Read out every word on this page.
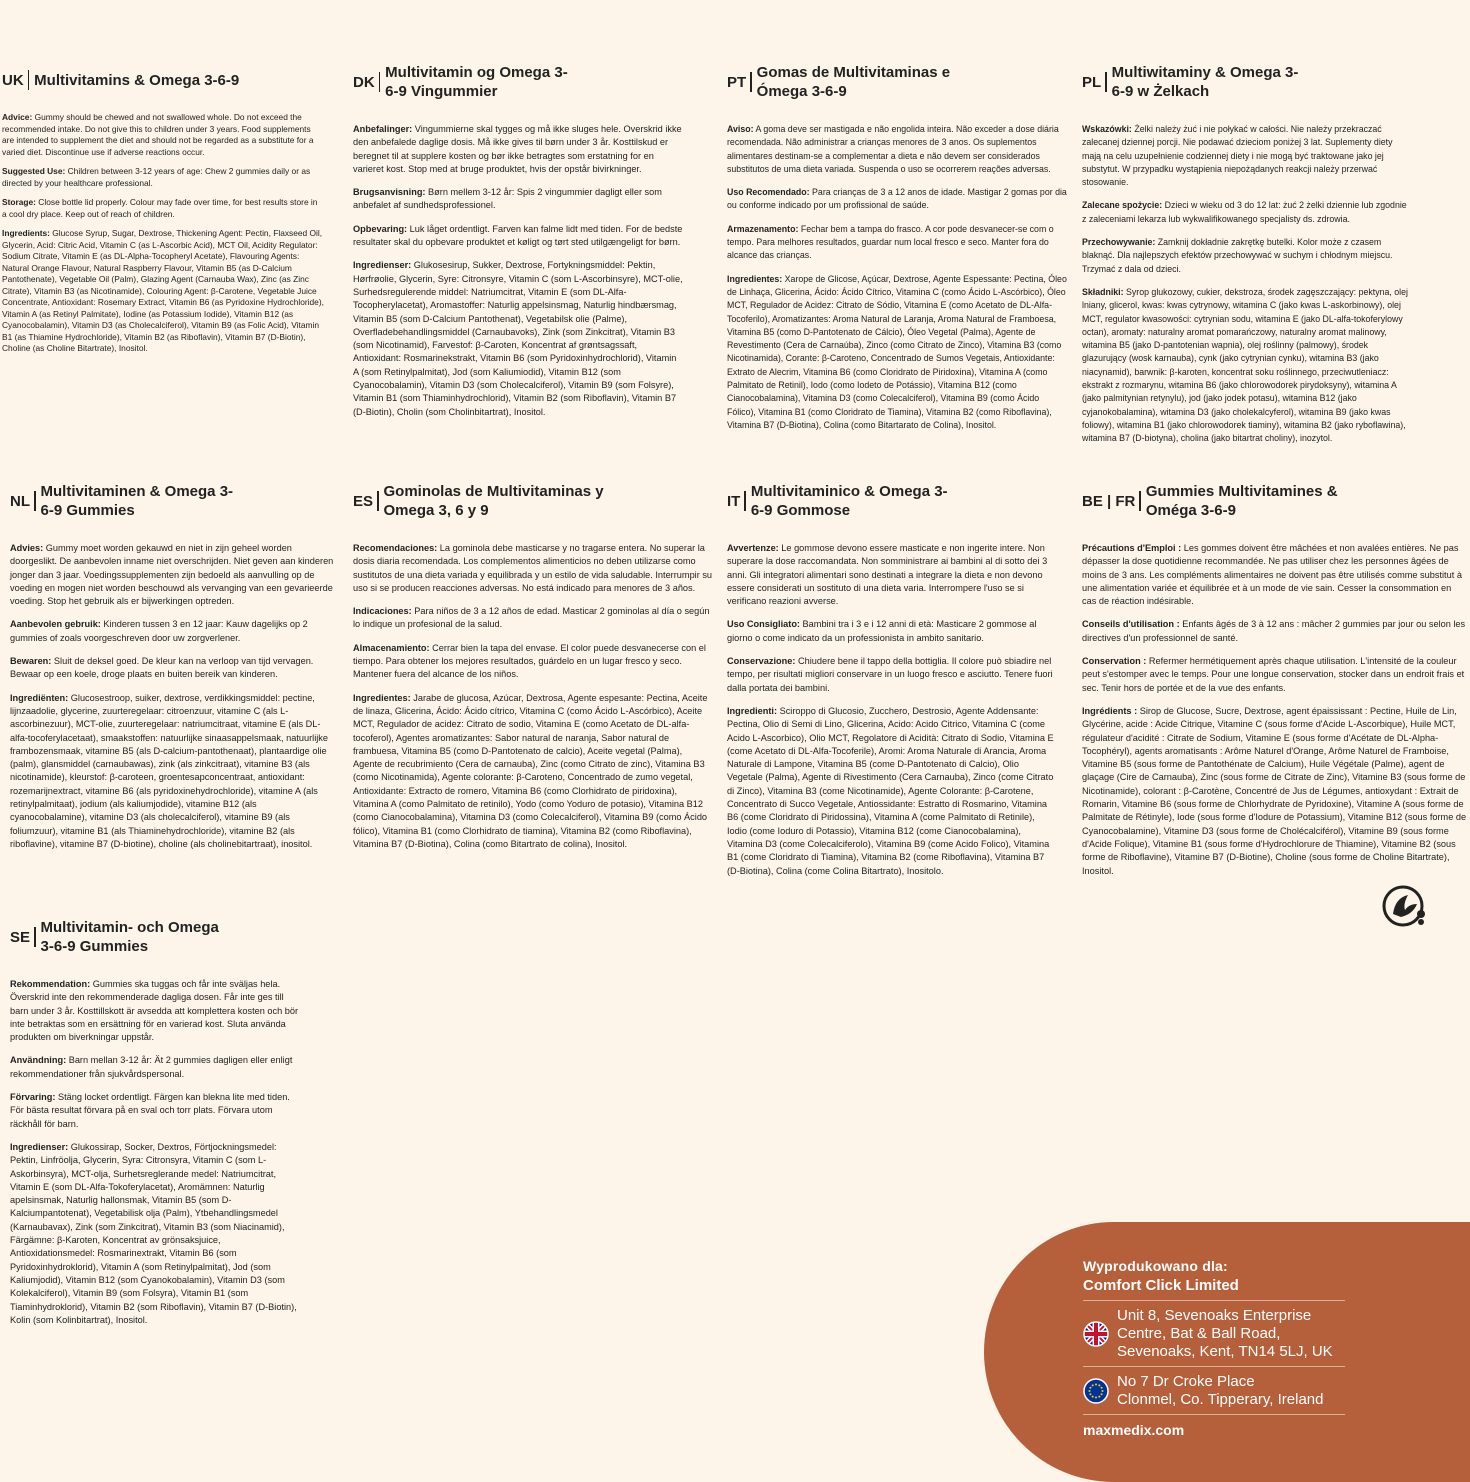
UK Multivitamins & Omega 3-6-9

Advice: Gummy should be chewed and not swallowed whole. Do not exceed the recommended intake. Do not give this to children under 3 years. Food supplements are intended to supplement the diet and should not be regarded as a substitute for a varied diet. Discontinue use if adverse reactions occur.

Suggested Use: Children between 3-12 years of age: Chew 2 gummies daily or as directed by your healthcare professional.

Storage: Close bottle lid properly. Colour may fade over time, for best results store in a cool dry place. Keep out of reach of children.

Ingredients: Glucose Syrup, Sugar, Dextrose, Thickening Agent: Pectin, Flaxseed Oil, Glycerin, Acid: Citric Acid, Vitamin C (as L-Ascorbic Acid), MCT Oil, Acidity Regulator: Sodium Citrate, Vitamin E (as DL-Alpha-Tocopheryl Acetate), Flavouring Agents: Natural Orange Flavour, Natural Raspberry Flavour, Vitamin B5 (as D-Calcium Pantothenate), Vegetable Oil (Palm), Glazing Agent (Carnauba Wax), Zinc (as Zinc Citrate), Vitamin B3 (as Nicotinamide), Colouring Agent: β-Carotene, Vegetable Juice Concentrate, Antioxidant: Rosemary Extract, Vitamin B6 (as Pyridoxine Hydrochloride), Vitamin A (as Retinyl Palmitate), Iodine (as Potassium Iodide), Vitamin B12 (as Cyanocobalamin), Vitamin D3 (as Cholecalciferol), Vitamin B9 (as Folic Acid), Vitamin B1 (as Thiamine Hydrochloride), Vitamin B2 (as Riboflavin), Vitamin B7 (D-Biotin), Choline (as Choline Bitartrate), Inositol.

NL
Multivitaminen & Omega 3-6-9 Gummies

Advies: Gummy moet worden gekauwd en niet in zijn geheel worden doorgeslikt. De aanbevolen inname niet overschrijden. Niet geven aan kinderen jonger dan 3 jaar. Voedingssupplementen zijn bedoeld als aanvulling op de voeding en mogen niet worden beschouwd als vervanging van een gevarieerde voeding. Stop het gebruik als er bijwerkingen optreden.

Aanbevolen gebruik: Kinderen tussen 3 en 12 jaar: Kauw dagelijks op 2 gummies of zoals voorgeschreven door uw zorgverlener.

Bewaren: Sluit de deksel goed. De kleur kan na verloop van tijd vervagen. Bewaar op een koele, droge plaats en buiten bereik van kinderen.

Ingrediënten: Glucosestroop, suiker, dextrose, verdikkingsmiddel: pectine, lijnzaadolie, glycerine, zuurteregelaar: citroenzuur, vitamine C (als L-ascorbinezuur), MCT-olie, zuurteregelaar: natriumcitraat, vitamine E (als DL-alfa-tocoferylacetaat), smaakstoffen: natuurlijke sinaasappelsmaak, natuurlijke frambozensmaak, vitamine B5 (als D-calcium-pantothenaat), plantaardige olie (palm), glansmiddel (carnaubawas), zink (als zinkcitraat), vitamine B3 (als nicotinamide), kleurstof: β-caroteen, groentesapconcentraat, antioxidant: rozemarijnextract, vitamine B6 (als pyridoxinehydrochloride), vitamine A (als retinylpalmitaat), jodium (als kaliumjodide), vitamine B12 (als cyanocobalamine), vitamine D3 (als cholecalciferol), vitamine B9 (als foliumzuur), vitamine B1 (als Thiaminehydrochloride), vitamine B2 (als riboflavine), vitamine B7 (D-biotine), choline (als cholinebitartraat), inositol.

SE
Multivitamin- och Omega 3-6-9 Gummies

Rekommendation: Gummies ska tuggas och får inte sväljas hela. Överskrid inte den rekommenderade dagliga dosen. Får inte ges till barn under 3 år. Kosttillskott är avsedda att komplettera kosten och bör inte betraktas som en ersättning för en varierad kost. Sluta använda produkten om biverkningar uppstår.

Användning: Barn mellan 3-12 år: Ät 2 gummies dagligen eller enligt rekommendationer från sjukvårdspersonal.

Förvaring: Stäng locket ordentligt. Färgen kan blekna lite med tiden. För bästa resultat förvara på en sval och torr plats. Förvara utom räckhåll för barn.

Ingredienser: Glukossirap, Socker, Dextros, Förtjockningsmedel: Pektin, Linfröolja, Glycerin, Syra: Citronsyra, Vitamin C (som L-Askorbinsyra), MCT-olja, Surhetsreglerande medel: Natriumcitrat, Vitamin E (som DL-Alfa-Tokoferylacetat), Aromämnen: Naturlig apelsinsmak, Naturlig hallonsmak, Vitamin B5 (som D-Kalciumpantotenat), Vegetabilisk olja (Palm), Ytbehandlingsmedel (Karnaubavax), Zink (som Zinkcitrat), Vitamin B3 (som Niacinamid), Färgämne: β-Karoten, Koncentrat av grönsaksjuice, Antioxidationsmedel: Rosmarinextrakt, Vitamin B6 (som Pyridoxinhydroklorid), Vitamin A (som Retinylpalmitat), Jod (som Kaliumjodid), Vitamin B12 (som Cyanokobalamin), Vitamin D3 (som Kolekalciferol), Vitamin B9 (som Folsyra), Vitamin B1 (som Tiaminhydroklorid), Vitamin B2 (som Riboflavin), Vitamin B7 (D-Biotin), Kolin (som Kolinbitartrat), Inositol.

DK
Multivitamin og Omega 3-6-9 Vingummier

Anbefalinger: Vingummierne skal tygges og må ikke sluges hele. Overskrid ikke den anbefalede daglige dosis. Må ikke gives til børn under 3 år. Kosttilskud er beregnet til at supplere kosten og bør ikke betragtes som erstatning for en varieret kost. Stop med at bruge produktet, hvis der opstår bivirkninger.

Brugsanvisning: Børn mellem 3-12 år: Spis 2 vingummier dagligt eller som anbefalet af sundhedsprofessionel.

Opbevaring: Luk låget ordentligt. Farven kan falme lidt med tiden. For de bedste resultater skal du opbevare produktet et køligt og tørt sted utilgængeligt for børn.

Ingredienser: Glukosesirup, Sukker, Dextrose, Fortykningsmiddel: Pektin, Hørfrøolie, Glycerin, Syre: Citronsyre, Vitamin C (som L-Ascorbinsyre), MCT-olie, Surhedsregulerende middel: Natriumcitrat, Vitamin E (som DL-Alfa-Tocopherylacetat), Aromastoffer: Naturlig appelsinsmag, Naturlig hindbærsmag, Vitamin B5 (som D-Calcium Pantothenat), Vegetabilsk olie (Palme), Overfladebehandlingsmiddel (Carnaubavoks), Zink (som Zinkcitrat), Vitamin B3 (som Nicotinamid), Farvestof: β-Caroten, Koncentrat af grøntsagssaft, Antioxidant: Rosmarinekstrakt, Vitamin B6 (som Pyridoxinhydrochlorid), Vitamin A (som Retinylpalmitat), Jod (som Kaliumiodid), Vitamin B12 (som Cyanocobalamin), Vitamin D3 (som Cholecalciferol), Vitamin B9 (som Folsyre), Vitamin B1 (som Thiaminhydrochlorid), Vitamin B2 (som Riboflavin), Vitamin B7 (D-Biotin), Cholin (som Cholinbitartrat), Inositol.

ES
Gominolas de Multivitaminas y Omega 3, 6 y 9

Recomendaciones: La gominola debe masticarse y no tragarse entera. No superar la dosis diaria recomendada. Los complementos alimenticios no deben utilizarse como sustitutos de una dieta variada y equilibrada y un estilo de vida saludable. Interrumpir su uso si se producen reacciones adversas. No está indicado para menores de 3 años.

Indicaciones: Para niños de 3 a 12 años de edad. Masticar 2 gominolas al día o según lo indique un profesional de la salud.

Almacenamiento: Cerrar bien la tapa del envase. El color puede desvanecerse con el tiempo. Para obtener los mejores resultados, guárdelo en un lugar fresco y seco. Mantener fuera del alcance de los niños.

Ingredientes: Jarabe de glucosa, Azúcar, Dextrosa, Agente espesante: Pectina, Aceite de linaza, Glicerina, Ácido: Ácido cítrico, Vitamina C (como Ácido L-Ascórbico), Aceite MCT, Regulador de acidez: Citrato de sodio, Vitamina E (como Acetato de DL-alfa-tocoferol), Agentes aromatizantes: Sabor natural de naranja, Sabor natural de frambuesa, Vitamina B5 (como D-Pantotenato de calcio), Aceite vegetal (Palma), Agente de recubrimiento (Cera de carnauba), Zinc (como Citrato de zinc), Vitamina B3 (como Nicotinamida), Agente colorante: β-Caroteno, Concentrado de zumo vegetal, Antioxidante: Extracto de romero, Vitamina B6 (como Clorhidrato de piridoxina), Vitamina A (como Palmitato de retinilo), Yodo (como Yoduro de potasio), Vitamina B12 (como Cianocobalamina), Vitamina D3 (como Colecalciferol), Vitamina B9 (como Ácido fólico), Vitamina B1 (como Clorhidrato de tiamina), Vitamina B2 (como Riboflavina), Vitamina B7 (D-Biotina), Colina (como Bitartrato de colina), Inositol.

PT
Gomas de Multivitaminas e Ómega 3-6-9

Aviso: A goma deve ser mastigada e não engolida inteira. Não exceder a dose diária recomendada. Não administrar a crianças menores de 3 anos. Os suplementos alimentares destinam-se a complementar a dieta e não devem ser considerados substitutos de uma dieta variada. Suspenda o uso se ocorrerem reações adversas.

Uso Recomendado: Para crianças de 3 a 12 anos de idade. Mastigar 2 gomas por dia ou conforme indicado por um profissional de saúde.

Armazenamento: Fechar bem a tampa do frasco. A cor pode desvanecer-se com o tempo. Para melhores resultados, guardar num local fresco e seco. Manter fora do alcance das crianças.

Ingredientes: Xarope de Glicose, Açúcar, Dextrose, Agente Espessante: Pectina, Óleo de Linhaça, Glicerina, Ácido: Ácido Cítrico, Vitamina C (como Ácido L-Ascórbico), Óleo MCT, Regulador de Acidez: Citrato de Sódio, Vitamina E (como Acetato de DL-Alfa-Tocoferilo), Aromatizantes: Aroma Natural de Laranja, Aroma Natural de Framboesa, Vitamina B5 (como D-Pantotenato de Cálcio), Óleo Vegetal (Palma), Agente de Revestimento (Cera de Carnaúba), Zinco (como Citrato de Zinco), Vitamina B3 (como Nicotinamida), Corante: β-Caroteno, Concentrado de Sumos Vegetais, Antioxidante: Extrato de Alecrim, Vitamina B6 (como Cloridrato de Piridoxina), Vitamina A (como Palmitato de Retinil), Iodo (como Iodeto de Potássio), Vitamina B12 (como Cianocobalamina), Vitamina D3 (como Colecalciferol), Vitamina B9 (como Ácido Fólico), Vitamina B1 (como Cloridrato de Tiamina), Vitamina B2 (como Riboflavina), Vitamina B7 (D-Biotina), Colina (como Bitartarato de Colina), Inositol.

IT
Multivitaminico & Omega 3-6-9 Gommose

Avvertenze: Le gommose devono essere masticate e non ingerite intere. Non superare la dose raccomandata. Non somministrare ai bambini al di sotto dei 3 anni. Gli integratori alimentari sono destinati a integrare la dieta e non devono essere considerati un sostituto di una dieta varia. Interrompere l'uso se si verificano reazioni avverse.

Uso Consigliato: Bambini tra i 3 e i 12 anni di età: Masticare 2 gommose al giorno o come indicato da un professionista in ambito sanitario.

Conservazione: Chiudere bene il tappo della bottiglia. Il colore può sbiadire nel tempo, per risultati migliori conservare in un luogo fresco e asciutto. Tenere fuori dalla portata dei bambini.

Ingredienti: Sciroppo di Glucosio, Zucchero, Destrosio, Agente Addensante: Pectina, Olio di Semi di Lino, Glicerina, Acido: Acido Citrico, Vitamina C (come Acido L-Ascorbico), Olio MCT, Regolatore di Acidità: Citrato di Sodio, Vitamina E (come Acetato di DL-Alfa-Tocoferile), Aromi: Aroma Naturale di Arancia, Aroma Naturale di Lampone, Vitamina B5 (come D-Pantotenato di Calcio), Olio Vegetale (Palma), Agente di Rivestimento (Cera Carnauba), Zinco (come Citrato di Zinco), Vitamina B3 (come Nicotinamide), Agente Colorante: β-Carotene, Concentrato di Succo Vegetale, Antiossidante: Estratto di Rosmarino, Vitamina B6 (come Cloridrato di Piridossina), Vitamina A (come Palmitato di Retinile), Iodio (come Ioduro di Potassio), Vitamina B12 (come Cianocobalamina), Vitamina D3 (come Colecalciferolo), Vitamina B9 (come Acido Folico), Vitamina B1 (come Cloridrato di Tiamina), Vitamina B2 (come Riboflavina), Vitamina B7 (D-Biotina), Colina (come Colina Bitartrato), Inositolo.

PL
Multiwitaminy & Omega 3-6-9 w Żelkach

Wskazówki: Żelki należy żuć i nie połykać w całości. Nie należy przekraczać zalecanej dziennej porcji. Nie podawać dzieciom poniżej 3 lat. Suplementy diety mają na celu uzupełnienie codziennej diety i nie mogą być traktowane jako jej substytut. W przypadku wystąpienia niepożądanych reakcji należy przerwać stosowanie.

Zalecane spożycie: Dzieci w wieku od 3 do 12 lat: żuć 2 żelki dziennie lub zgodnie z zaleceniami lekarza lub wykwalifikowanego specjalisty ds. zdrowia.

Przechowywanie: Zamknij dokładnie zakrętkę butelki. Kolor może z czasem blaknąć. Dla najlepszych efektów przechowywać w suchym i chłodnym miejscu. Trzymać z dala od dzieci.

Składniki: Syrop glukozowy, cukier, dekstroza, środek zagęszczający: pektyna, olej lniany, glicerol, kwas: kwas cytrynowy, witamina C (jako kwas L-askorbinowy), olej MCT, regulator kwasowości: cytrynian sodu, witamina E (jako DL-alfa-tokoferylowy octan), aromaty: naturalny aromat pomarańczowy, naturalny aromat malinowy, witamina B5 (jako D-pantotenian wapnia), olej roślinny (palmowy), środek glazurujący (wosk karnauba), cynk (jako cytrynian cynku), witamina B3 (jako niacynamid), barwnik: β-karoten, koncentrat soku roślinnego, przeciwutleniacz: ekstrakt z rozmarynu, witamina B6 (jako chlorowodorek pirydoksyny), witamina A (jako palmitynian retynylu), jod (jako jodek potasu), witamina B12 (jako cyjanokobalamina), witamina D3 (jako cholekalcyferol), witamina B9 (jako kwas foliowy), witamina B1 (jako chlorowodorek tiaminy), witamina B2 (jako ryboflawina), witamina B7 (D-biotyna), cholina (jako bitartrat choliny), inozytol.

BE | FR
Gummies Multivitamines & Oméga 3-6-9

Précautions d'Emploi : Les gommes doivent être mâchées et non avalées entières. Ne pas dépasser la dose quotidienne recommandée. Ne pas utiliser chez les personnes âgées de moins de 3 ans. Les compléments alimentaires ne doivent pas être utilisés comme substitut à une alimentation variée et équilibrée et à un mode de vie sain. Cesser la consommation en cas de réaction indésirable.

Conseils d'utilisation : Enfants âgés de 3 à 12 ans : mâcher 2 gummies par jour ou selon les directives d'un professionnel de santé.

Conservation : Refermer hermétiquement après chaque utilisation. L'intensité de la couleur peut s'estomper avec le temps. Pour une longue conservation, stocker dans un endroit frais et sec. Tenir hors de portée et de la vue des enfants.

Ingrédients : Sirop de Glucose, Sucre, Dextrose, agent épaississant : Pectine, Huile de Lin, Glycérine, acide : Acide Citrique, Vitamine C (sous forme d'Acide L-Ascorbique), Huile MCT, régulateur d'acidité : Citrate de Sodium, Vitamine E (sous forme d'Acétate de DL-Alpha-Tocophéryl), agents aromatisants : Arôme Naturel d'Orange, Arôme Naturel de Framboise, Vitamine B5 (sous forme de Pantothénate de Calcium), Huile Végétale (Palme), agent de glaçage (Cire de Carnauba), Zinc (sous forme de Citrate de Zinc), Vitamine B3 (sous forme de Nicotinamide), colorant : β-Carotène, Concentré de Jus de Légumes, antioxydant : Extrait de Romarin, Vitamine B6 (sous forme de Chlorhydrate de Pyridoxine), Vitamine A (sous forme de Palmitate de Rétinyle), Iode (sous forme d'Iodure de Potassium), Vitamine B12 (sous forme de Cyanocobalamine), Vitamine D3 (sous forme de Cholécalciférol), Vitamine B9 (sous forme d'Acide Folique), Vitamine B1 (sous forme d'Hydrochlorure de Thiamine), Vitamine B2 (sous forme de Riboflavine), Vitamine B7 (D-Biotine), Choline (sous forme de Choline Bitartrate), Inositol.

Wyprodukowano dla:
Comfort Click Limited
Unit 8, Sevenoaks Enterprise
Centre, Bat & Ball Road,
Sevenoaks, Kent, TN14 5LJ, UK
No 7 Dr Croke Place
Clonmel, Co. Tipperary, Ireland
maxmedix.com
